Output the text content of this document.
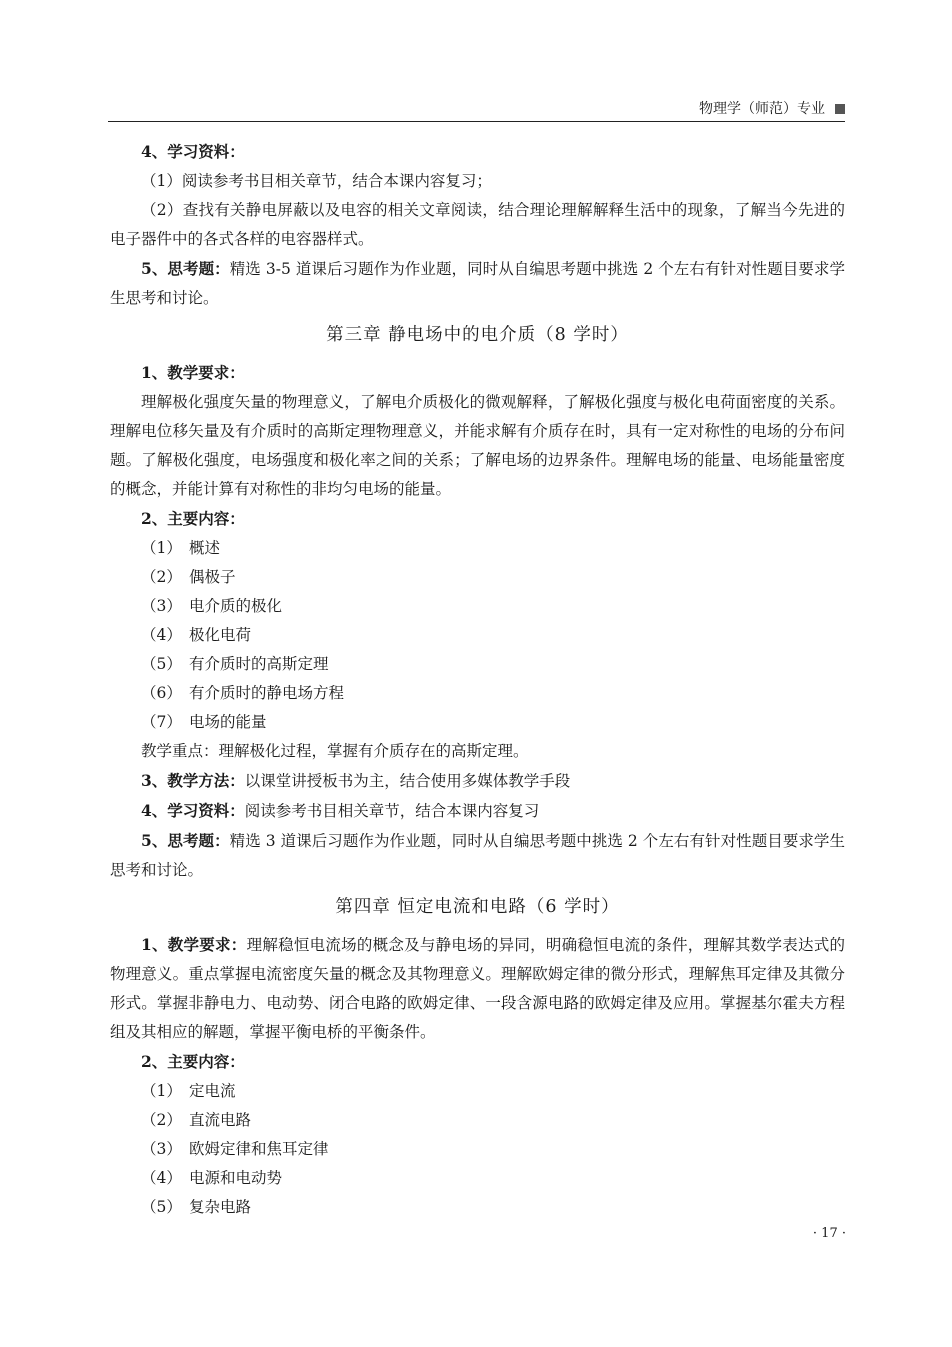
物理学（师范）专业

4、学习资料：

（1）阅读参考书目相关章节，结合本课内容复习；

（2）查找有关静电屏蔽以及电容的相关文章阅读，结合理论理解解释生活中的现象，了解当今先进的电子器件中的各式各样的电容器样式。

5、思考题：精选 3-5 道课后习题作为作业题，同时从自编思考题中挑选 2 个左右有针对性题目要求学生思考和讨论。

第三章 静电场中的电介质（8 学时）

1、教学要求：

理解极化强度矢量的物理意义，了解电介质极化的微观解释，了解极化强度与极化电荷面密度的关系。理解电位移矢量及有介质时的高斯定理物理意义，并能求解有介质存在时，具有一定对称性的电场的分布问题。了解极化强度，电场强度和极化率之间的关系；了解电场的边界条件。理解电场的能量、电场能量密度的概念，并能计算有对称性的非均匀电场的能量。

2、主要内容：

（1） 概述

（2） 偶极子

（3） 电介质的极化

（4） 极化电荷

（5） 有介质时的高斯定理

（6） 有介质时的静电场方程

（7） 电场的能量

教学重点：理解极化过程，掌握有介质存在的高斯定理。

3、教学方法：以课堂讲授板书为主，结合使用多媒体教学手段

4、学习资料：阅读参考书目相关章节，结合本课内容复习

5、思考题：精选 3 道课后习题作为作业题，同时从自编思考题中挑选 2 个左右有针对性题目要求学生思考和讨论。

第四章 恒定电流和电路（6 学时）

1、教学要求：理解稳恒电流场的概念及与静电场的异同，明确稳恒电流的条件，理解其数学表达式的物理意义。重点掌握电流密度矢量的概念及其物理意义。理解欧姆定律的微分形式，理解焦耳定律及其微分形式。掌握非静电力、电动势、闭合电路的欧姆定律、一段含源电路的欧姆定律及应用。掌握基尔霍夫方程组及其相应的解题，掌握平衡电桥的平衡条件。

2、主要内容：

（1） 定电流

（2） 直流电路

（3） 欧姆定律和焦耳定律

（4） 电源和电动势

（5） 复杂电路

· 17 ·
